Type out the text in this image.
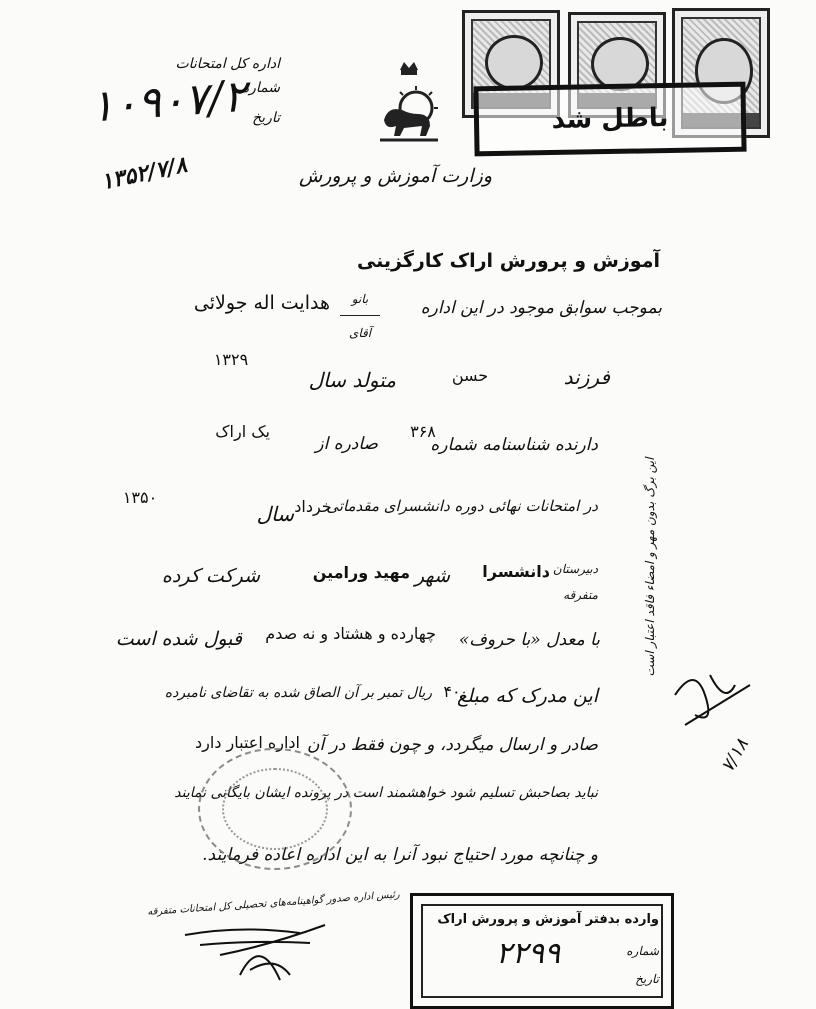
باطل شد
وزارت آموزش و پرورش
اداره کل امتحانات
شماره
تاریخ
۱۰۹۰۷/۲
۱۳۵۲/۷/۸
آموزش و پرورش اراک کارگزینی
بموجب سوابق موجود در این اداره
بانو
آقای
هدایت اله جولائی
فرزند
حسن
متولد سال
۱۳۲۹
دارنده شناسنامه شماره
۳۶۸
صادره از
یک اراک
در امتحانات نهائی دوره دانشسرای مقدماتی
خرداد
سال
۱۳۵۰
دبیرستان
دانشسرا
متفرقه
شهر
مهید ورامین
شرکت کرده
با معدل «با حروف»
چهارده و هشتاد و نه صدم
قبول شده است
این مدرک که مبلغ
۴۰
ریال تمبر بر آن الصاق شده به تقاضای نامبرده
صادر و ارسال میگردد، و چون فقط در آن
اداره اعتبار دارد
نباید بصاحبش تسلیم شود خواهشمند است در پرونده ایشان بایگانی نمایند
و چنانچه مورد احتیاج نبود آنرا به این اداره اعاده فرمایند.
رئیس اداره صدور گواهینامه‌های تحصیلی کل امتحانات متفرقه
این برگ بدون مهر و امضاء فاقد اعتبار است
۷/۱۸
وارده بدفتر آموزش و پرورش اراک
شماره
۲۲۹۹
تاریخ
